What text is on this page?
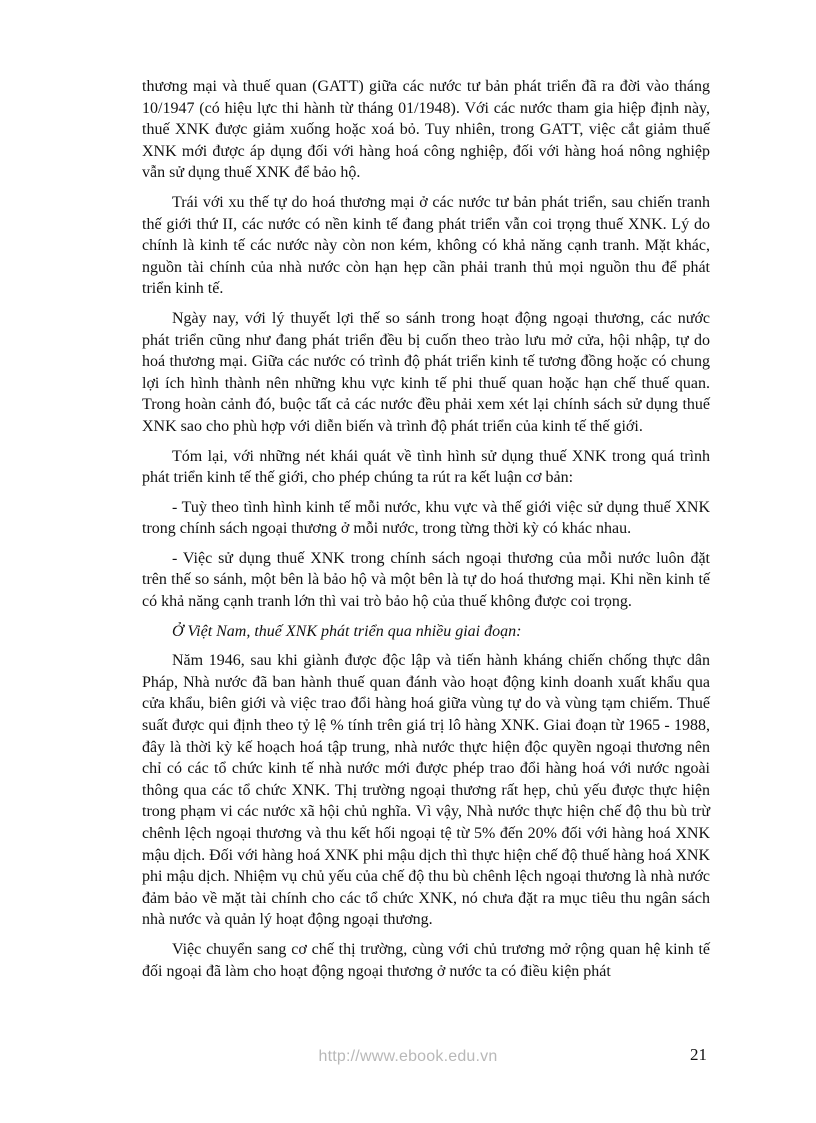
thương mại và thuế quan (GATT) giữa các nước tư bản phát triển đã ra đời vào tháng 10/1947 (có hiệu lực thi hành từ tháng 01/1948). Với các nước tham gia hiệp định này, thuế XNK được giảm xuống hoặc xoá bỏ. Tuy nhiên, trong GATT, việc cắt giảm thuế XNK mới được áp dụng đối với hàng hoá công nghiệp, đối với hàng hoá nông nghiệp vẫn sử dụng thuế XNK để bảo hộ.

Trái với xu thế tự do hoá thương mại ở các nước tư bản phát triển, sau chiến tranh thế giới thứ II, các nước có nền kinh tế đang phát triển vẫn coi trọng thuế XNK. Lý do chính là kinh tế các nước này còn non kém, không có khả năng cạnh tranh. Mặt khác, nguồn tài chính của nhà nước còn hạn hẹp cần phải tranh thủ mọi nguồn thu để phát triển kinh tế.

Ngày nay, với lý thuyết lợi thế so sánh trong hoạt động ngoại thương, các nước phát triển cũng như đang phát triển đều bị cuốn theo trào lưu mở cửa, hội nhập, tự do hoá thương mại. Giữa các nước có trình độ phát triển kinh tế tương đồng hoặc có chung lợi ích hình thành nên những khu vực kinh tế phi thuế quan hoặc hạn chế thuế quan. Trong hoàn cảnh đó, buộc tất cả các nước đều phải xem xét lại chính sách sử dụng thuế XNK sao cho phù hợp với diễn biến và trình độ phát triển của kinh tế thế giới.

Tóm lại, với những nét khái quát về tình hình sử dụng thuế XNK trong quá trình phát triển kinh tế thế giới, cho phép chúng ta rút ra kết luận cơ bản:

- Tuỳ theo tình hình kinh tế mỗi nước, khu vực và thế giới việc sử dụng thuế XNK trong chính sách ngoại thương ở mỗi nước, trong từng thời kỳ có khác nhau.

- Việc sử dụng thuế XNK trong chính sách ngoại thương của mỗi nước luôn đặt trên thế so sánh, một bên là bảo hộ và một bên là tự do hoá thương mại. Khi nền kinh tế có khả năng cạnh tranh lớn thì vai trò bảo hộ của thuế không được coi trọng.

Ở Việt Nam, thuế XNK phát triển qua nhiều giai đoạn:

Năm 1946, sau khi giành được độc lập và tiến hành kháng chiến chống thực dân Pháp, Nhà nước đã ban hành thuế quan đánh vào hoạt động kinh doanh xuất khẩu qua cửa khẩu, biên giới và việc trao đổi hàng hoá giữa vùng tự do và vùng tạm chiếm. Thuế suất được qui định theo tỷ lệ % tính trên giá trị lô hàng XNK. Giai đoạn từ 1965 - 1988, đây là thời kỳ kế hoạch hoá tập trung, nhà nước thực hiện độc quyền ngoại thương nên chỉ có các tổ chức kinh tế nhà nước mới được phép trao đổi hàng hoá với nước ngoài thông qua các tổ chức XNK. Thị trường ngoại thương rất hẹp, chủ yếu được thực hiện trong phạm vi các nước xã hội chủ nghĩa. Vì vậy, Nhà nước thực hiện chế độ thu bù trừ chênh lệch ngoại thương và thu kết hối ngoại tệ từ 5% đến 20% đối với hàng hoá XNK mậu dịch. Đối với hàng hoá XNK phi mậu dịch thì thực hiện chế độ thuế hàng hoá XNK phi mậu dịch. Nhiệm vụ chủ yếu của chế độ thu bù chênh lệch ngoại thương là nhà nước đảm bảo về mặt tài chính cho các tổ chức XNK, nó chưa đặt ra mục tiêu thu ngân sách nhà nước và quản lý hoạt động ngoại thương.

Việc chuyển sang cơ chế thị trường, cùng với chủ trương mở rộng quan hệ kinh tế đối ngoại đã làm cho hoạt động ngoại thương ở nước ta có điều kiện phát

http://www.ebook.edu.vn	21
